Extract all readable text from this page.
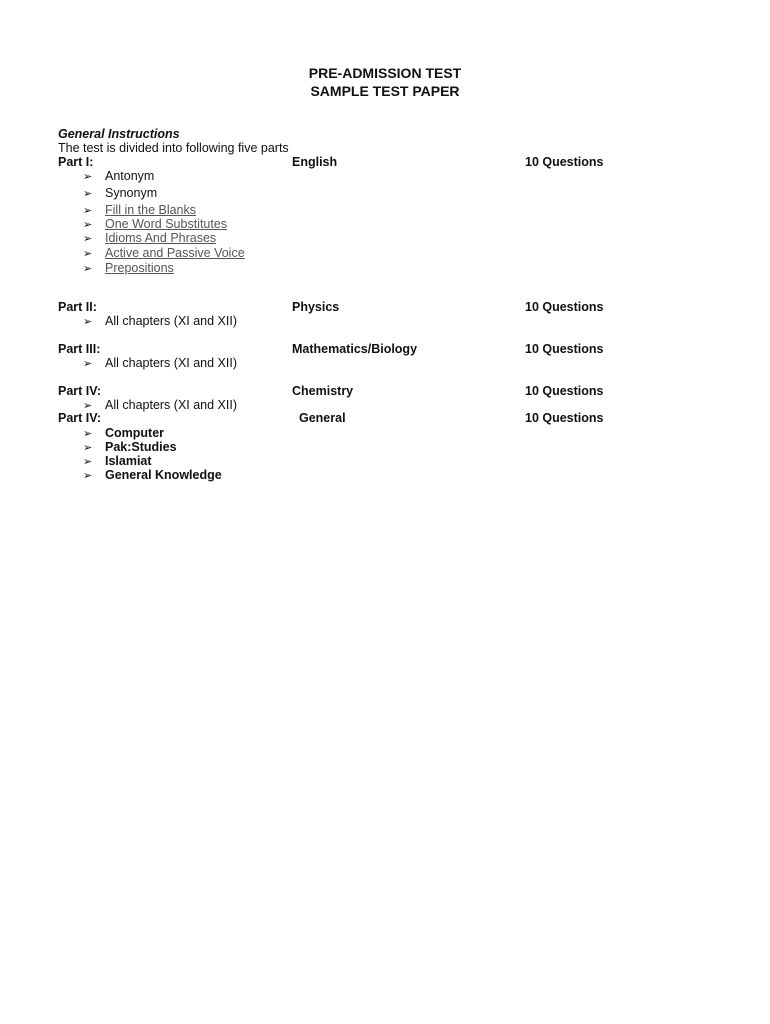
PRE-ADMISSION TEST
SAMPLE TEST PAPER
General Instructions
The test is divided into following five parts
Part I:	English	10 Questions
➢ Antonym
➢ Synonym
➢ Fill in the Blanks
➢ One Word Substitutes
➢ Idioms And Phrases
➢ Active and Passive Voice
➢ Prepositions
Part II:	Physics	10 Questions
➢ All chapters (XI and XII)
Part III:	Mathematics/Biology	10 Questions
➢ All chapters (XI and XII)
Part IV:	Chemistry	10 Questions
➢ All chapters (XI and XII)
Part IV:	General	10 Questions
➢ Computer
➢ Pak:Studies
➢ Islamiat
➢ General Knowledge
